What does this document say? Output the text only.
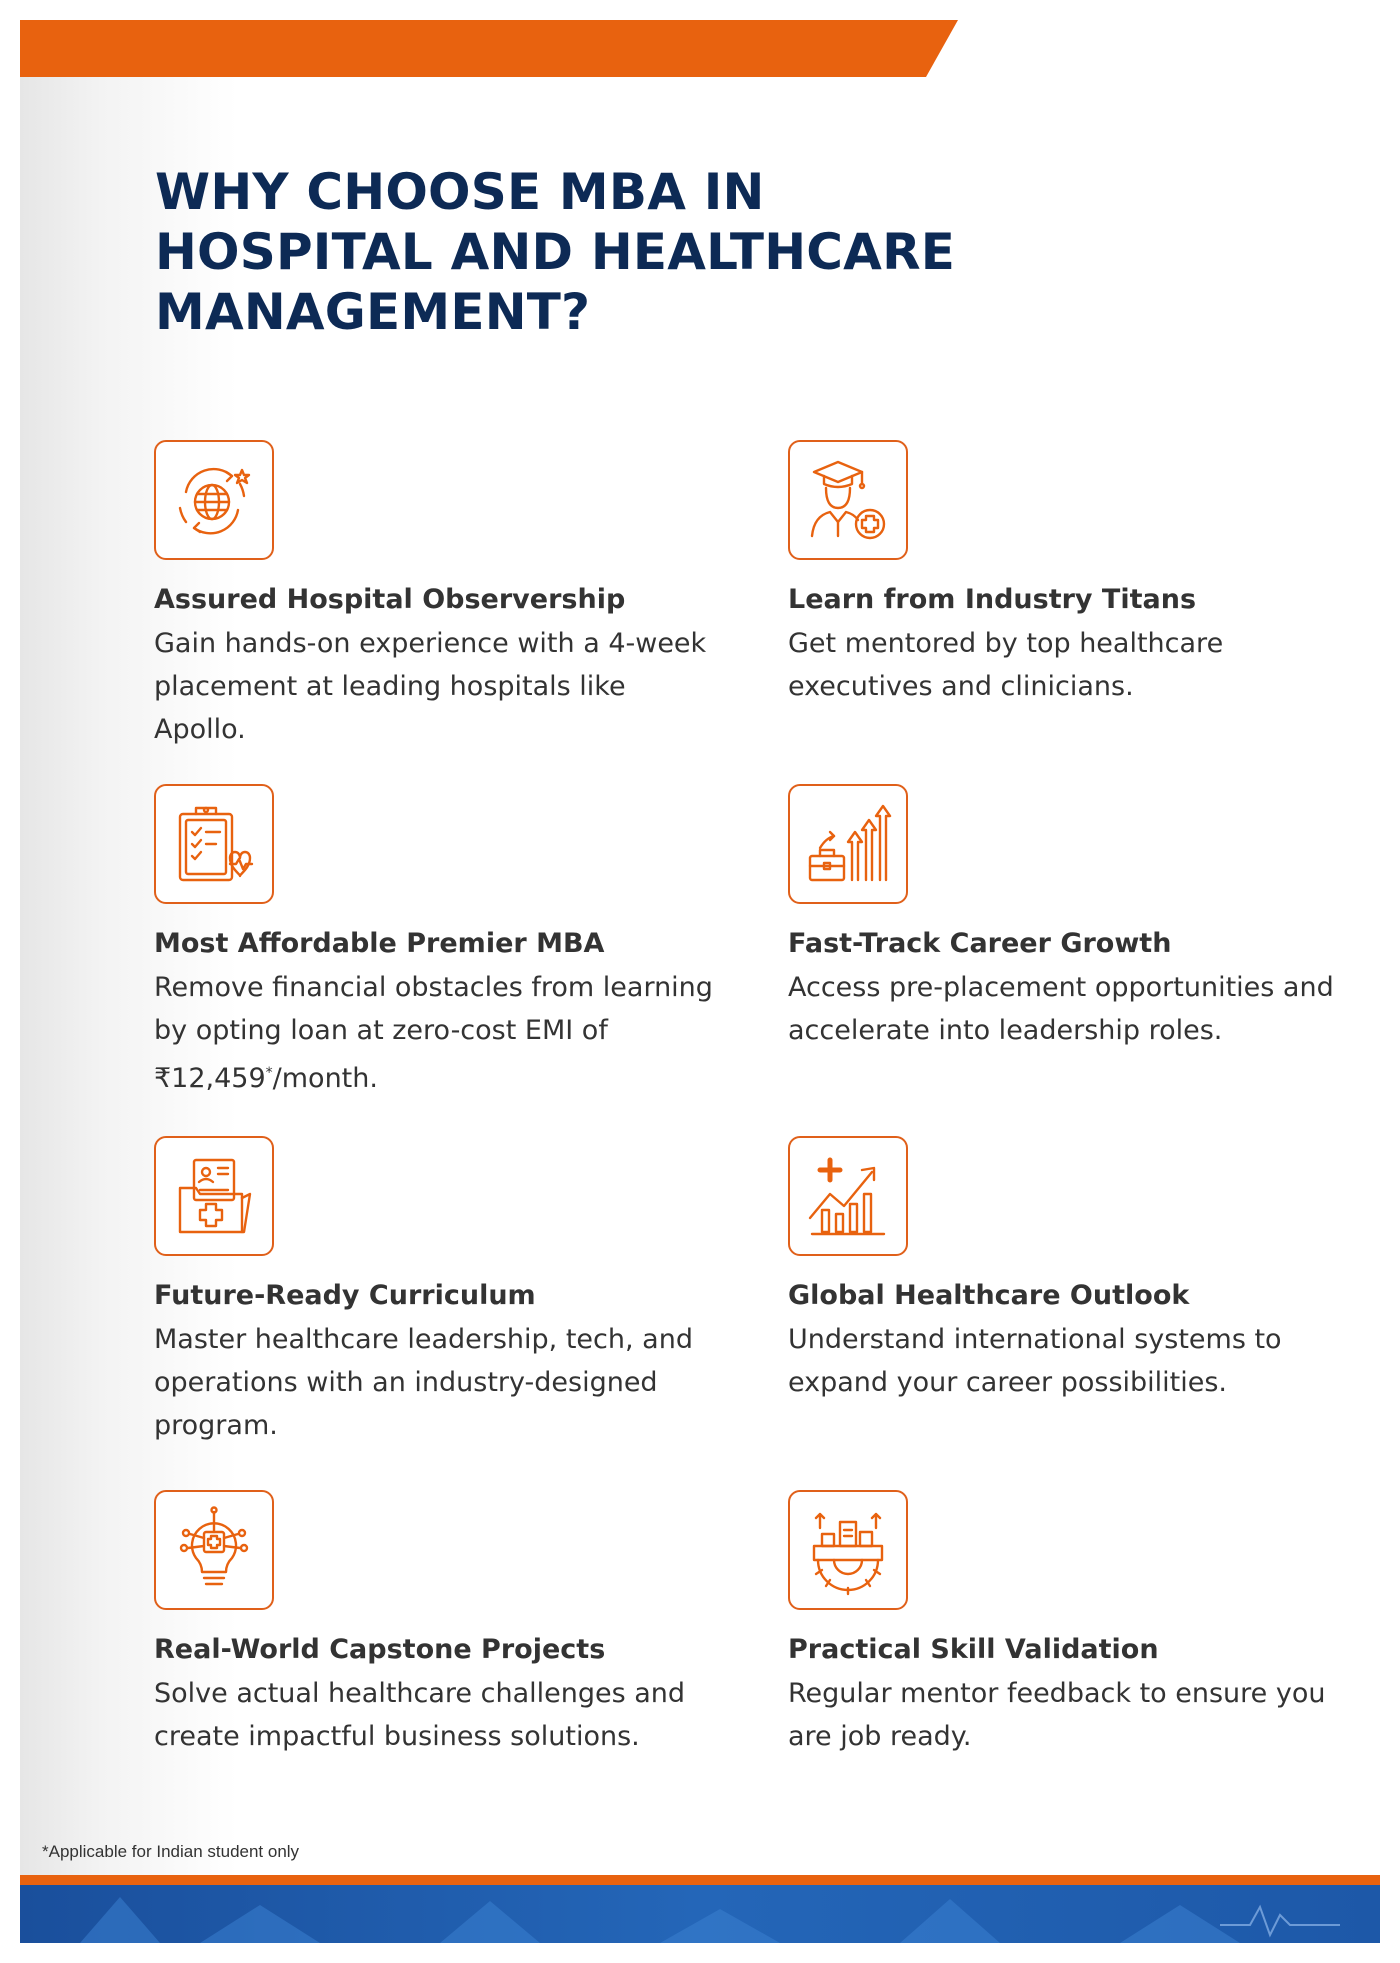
WHY CHOOSE MBA IN
HOSPITAL AND HEALTHCARE
MANAGEMENT?
Assured Hospital Observership

Gain hands-on experience with a 4-week placement at leading hospitals like Apollo.

Learn from Industry Titans

Get mentored by top healthcare executives and clinicians.

Most Affordable Premier MBA

Remove financial obstacles from learning by opting loan at zero-cost EMI of ₹12,459*/month.

Fast-Track Career Growth

Access pre-placement opportunities and accelerate into leadership roles.

Future-Ready Curriculum

Master healthcare leadership, tech, and operations with an industry-designed program.

Global Healthcare Outlook

Understand international systems to expand your career possibilities.

Real-World Capstone Projects

Solve actual healthcare challenges and create impactful business solutions.

Practical Skill Validation

Regular mentor feedback to ensure you are job ready.

*Applicable for Indian student only
